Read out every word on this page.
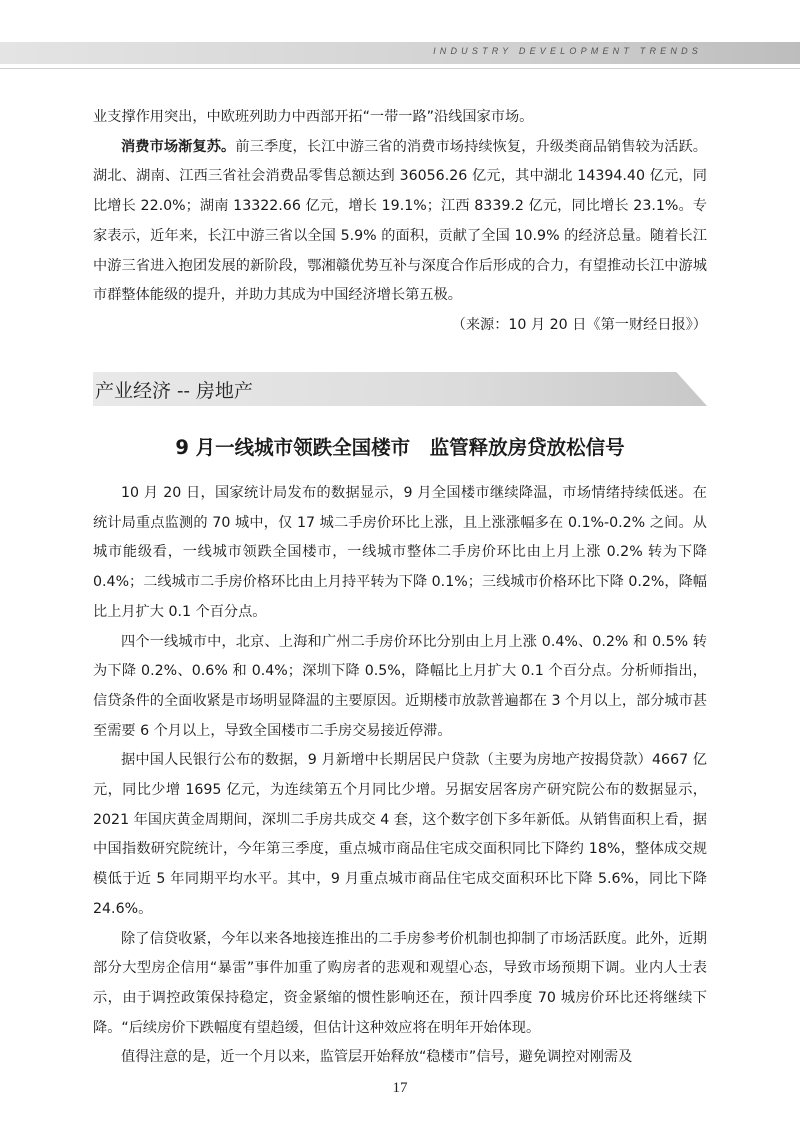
INDUSTRY DEVELOPMENT TRENDS

业支撑作用突出，中欧班列助力中西部开拓“一带一路”沿线国家市场。

消费市场渐复苏。前三季度，长江中游三省的消费市场持续恢复，升级类商品销售较为活跃。湖北、湖南、江西三省社会消费品零售总额达到 36056.26 亿元，其中湖北 14394.40 亿元，同比增长 22.0%；湖南 13322.66 亿元，增长 19.1%；江西 8339.2 亿元，同比增长 23.1%。专家表示，近年来，长江中游三省以全国 5.9% 的面积，贡献了全国 10.9% 的经济总量。随着长江中游三省进入抱团发展的新阶段，鄂湘赣优势互补与深度合作后形成的合力，有望推动长江中游城市群整体能级的提升，并助力其成为中国经济增长第五极。

（来源：10 月 20 日《第一财经日报》）
产业经济 -- 房地产
9 月一线城市领跌全国楼市　监管释放房贷放松信号

10 月 20 日，国家统计局发布的数据显示，9 月全国楼市继续降温，市场情绪持续低迷。在统计局重点监测的 70 城中，仅 17 城二手房价环比上涨，且上涨涨幅多在 0.1%-0.2% 之间。从城市能级看，一线城市领跌全国楼市，一线城市整体二手房价环比由上月上涨 0.2% 转为下降 0.4%；二线城市二手房价格环比由上月持平转为下降 0.1%；三线城市价格环比下降 0.2%，降幅比上月扩大 0.1 个百分点。

四个一线城市中，北京、上海和广州二手房价环比分别由上月上涨 0.4%、0.2% 和 0.5% 转为下降 0.2%、0.6% 和 0.4%；深圳下降 0.5%，降幅比上月扩大 0.1 个百分点。分析师指出，信贷条件的全面收紧是市场明显降温的主要原因。近期楼市放款普遍都在 3 个月以上，部分城市甚至需要 6 个月以上，导致全国楼市二手房交易接近停滞。

据中国人民银行公布的数据，9 月新增中长期居民户贷款（主要为房地产按揭贷款）4667 亿元，同比少增 1695 亿元，为连续第五个月同比少增。另据安居客房产研究院公布的数据显示，2021 年国庆黄金周期间，深圳二手房共成交 4 套，这个数字创下多年新低。从销售面积上看，据中国指数研究院统计，今年第三季度，重点城市商品住宅成交面积同比下降约 18%，整体成交规模低于近 5 年同期平均水平。其中，9 月重点城市商品住宅成交面积环比下降 5.6%，同比下降 24.6%。

除了信贷收紧，今年以来各地接连推出的二手房参考价机制也抑制了市场活跃度。此外，近期部分大型房企信用“暴雷”事件加重了购房者的悲观和观望心态，导致市场预期下调。业内人士表示，由于调控政策保持稳定，资金紧缩的惯性影响还在，预计四季度 70 城房价环比还将继续下降。“后续房价下跌幅度有望趋缓，但估计这种效应将在明年开始体现。

值得注意的是，近一个月以来，监管层开始释放“稳楼市”信号，避免调控对刚需及

17
